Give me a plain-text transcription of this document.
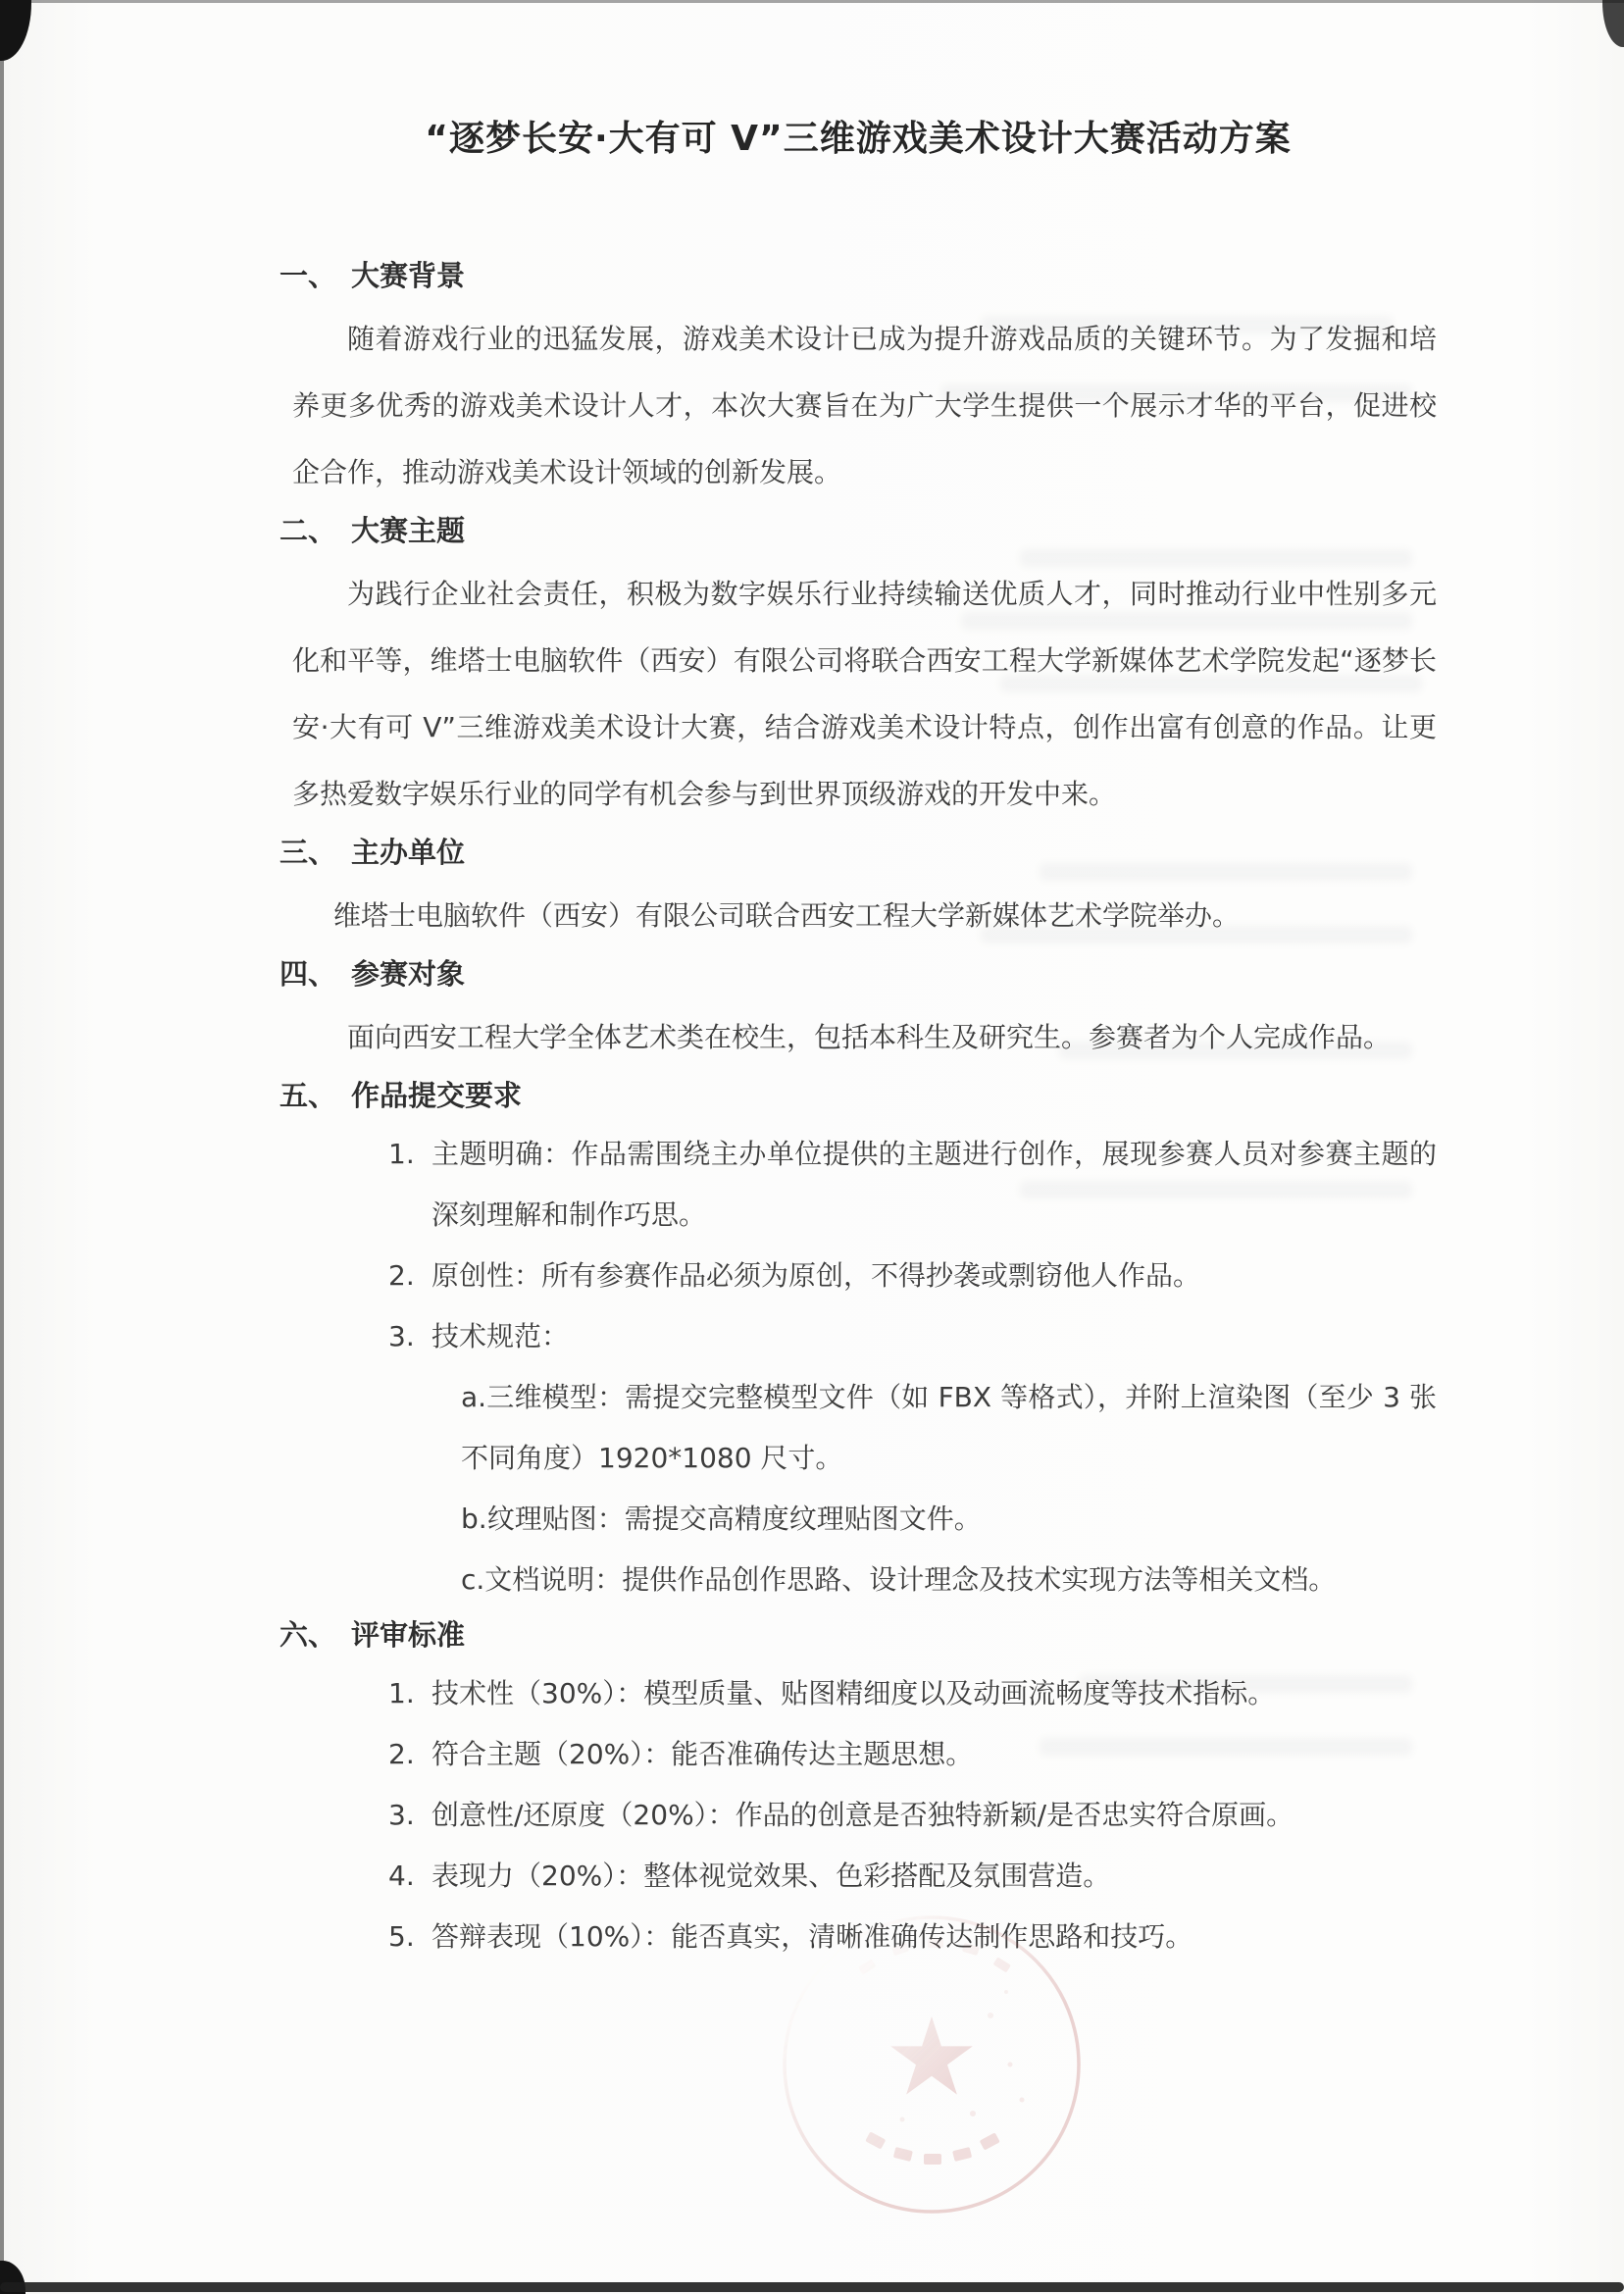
“逐梦长安·大有可 V”三维游戏美术设计大赛活动方案
一、 大赛背景
随着游戏行业的迅猛发展，游戏美术设计已成为提升游戏品质的关键环节。为了发掘和培养更多优秀的游戏美术设计人才，本次大赛旨在为广大学生提供一个展示才华的平台，促进校企合作，推动游戏美术设计领域的创新发展。
二、 大赛主题
为践行企业社会责任，积极为数字娱乐行业持续输送优质人才，同时推动行业中性别多元化和平等，维塔士电脑软件（西安）有限公司将联合西安工程大学新媒体艺术学院发起“逐梦长安·大有可 V”三维游戏美术设计大赛，结合游戏美术设计特点，创作出富有创意的作品。让更多热爱数字娱乐行业的同学有机会参与到世界顶级游戏的开发中来。
三、 主办单位
维塔士电脑软件（西安）有限公司联合西安工程大学新媒体艺术学院举办。
四、 参赛对象
面向西安工程大学全体艺术类在校生，包括本科生及研究生。参赛者为个人完成作品。
五、 作品提交要求
1. 主题明确：作品需围绕主办单位提供的主题进行创作，展现参赛人员对参赛主题的深刻理解和制作巧思。
2. 原创性：所有参赛作品必须为原创，不得抄袭或剽窃他人作品。
3. 技术规范：
a.三维模型：需提交完整模型文件（如 FBX 等格式），并附上渲染图（至少 3 张不同角度）1920*1080 尺寸。
b.纹理贴图：需提交高精度纹理贴图文件。
c.文档说明：提供作品创作思路、设计理念及技术实现方法等相关文档。
六、 评审标准
1. 技术性（30%）：模型质量、贴图精细度以及动画流畅度等技术指标。
2. 符合主题（20%）：能否准确传达主题思想。
3. 创意性/还原度（20%）：作品的创意是否独特新颖/是否忠实符合原画。
4. 表现力（20%）：整体视觉效果、色彩搭配及氛围营造。
5. 答辩表现（10%）：能否真实，清晰准确传达制作思路和技巧。
